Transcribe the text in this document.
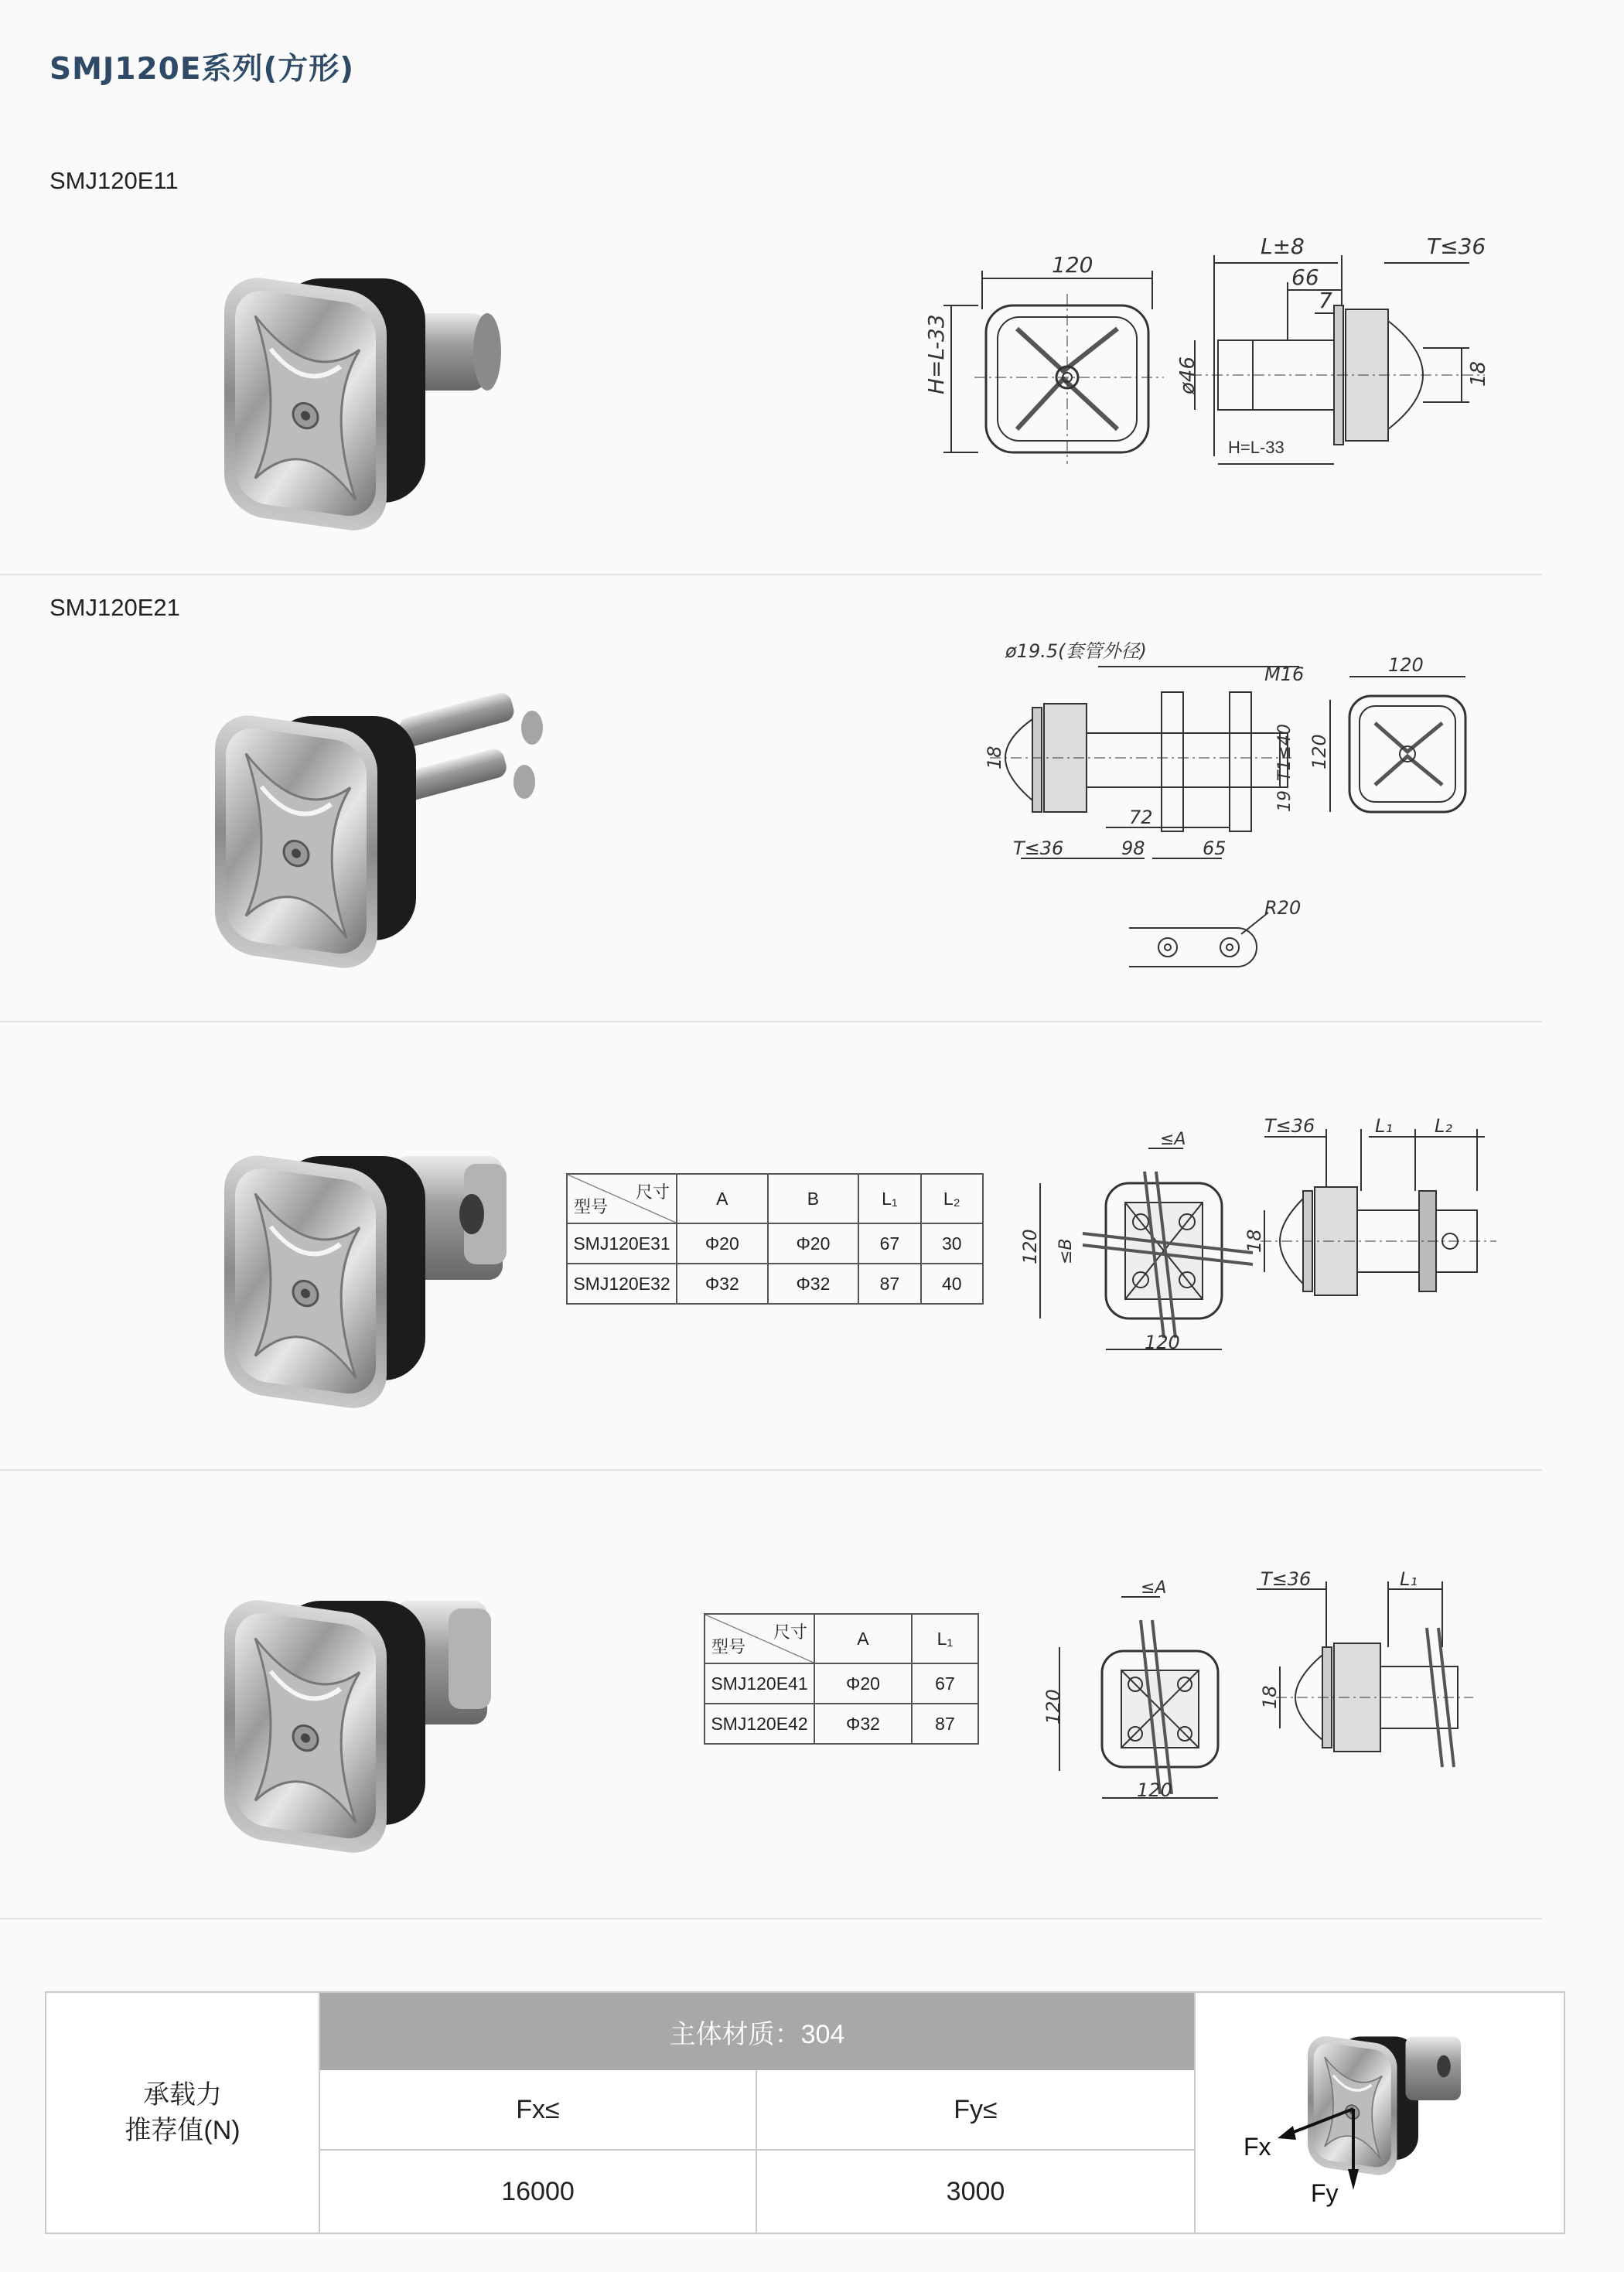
SMJ120E系列(方形)
SMJ120E11
SMJ120E21
120
H=L-33
L±8	T≤36
66
7
ø46	18
H=L-33
ø19.5(套管外径)
M16
18	T1≤40
19
72
T≤36	98	65
120
120
R20
尺寸
型号	A	B	L₁	L₂
SMJ120E31	Φ20	Φ20	67	30
SMJ120E32	Φ32	Φ32	87	40
≤A
≤B
120
120
T≤36	L₁ L₂
18
尺寸
型号	A	L₁
SMJ120E41	Φ20	67
SMJ120E42	Φ32	87
≤A
120
120
T≤36	L₁
18
承载力
推荐值(N)
主体材质：304
Fx≤	Fy≤
16000	3000
Fx
Fy
